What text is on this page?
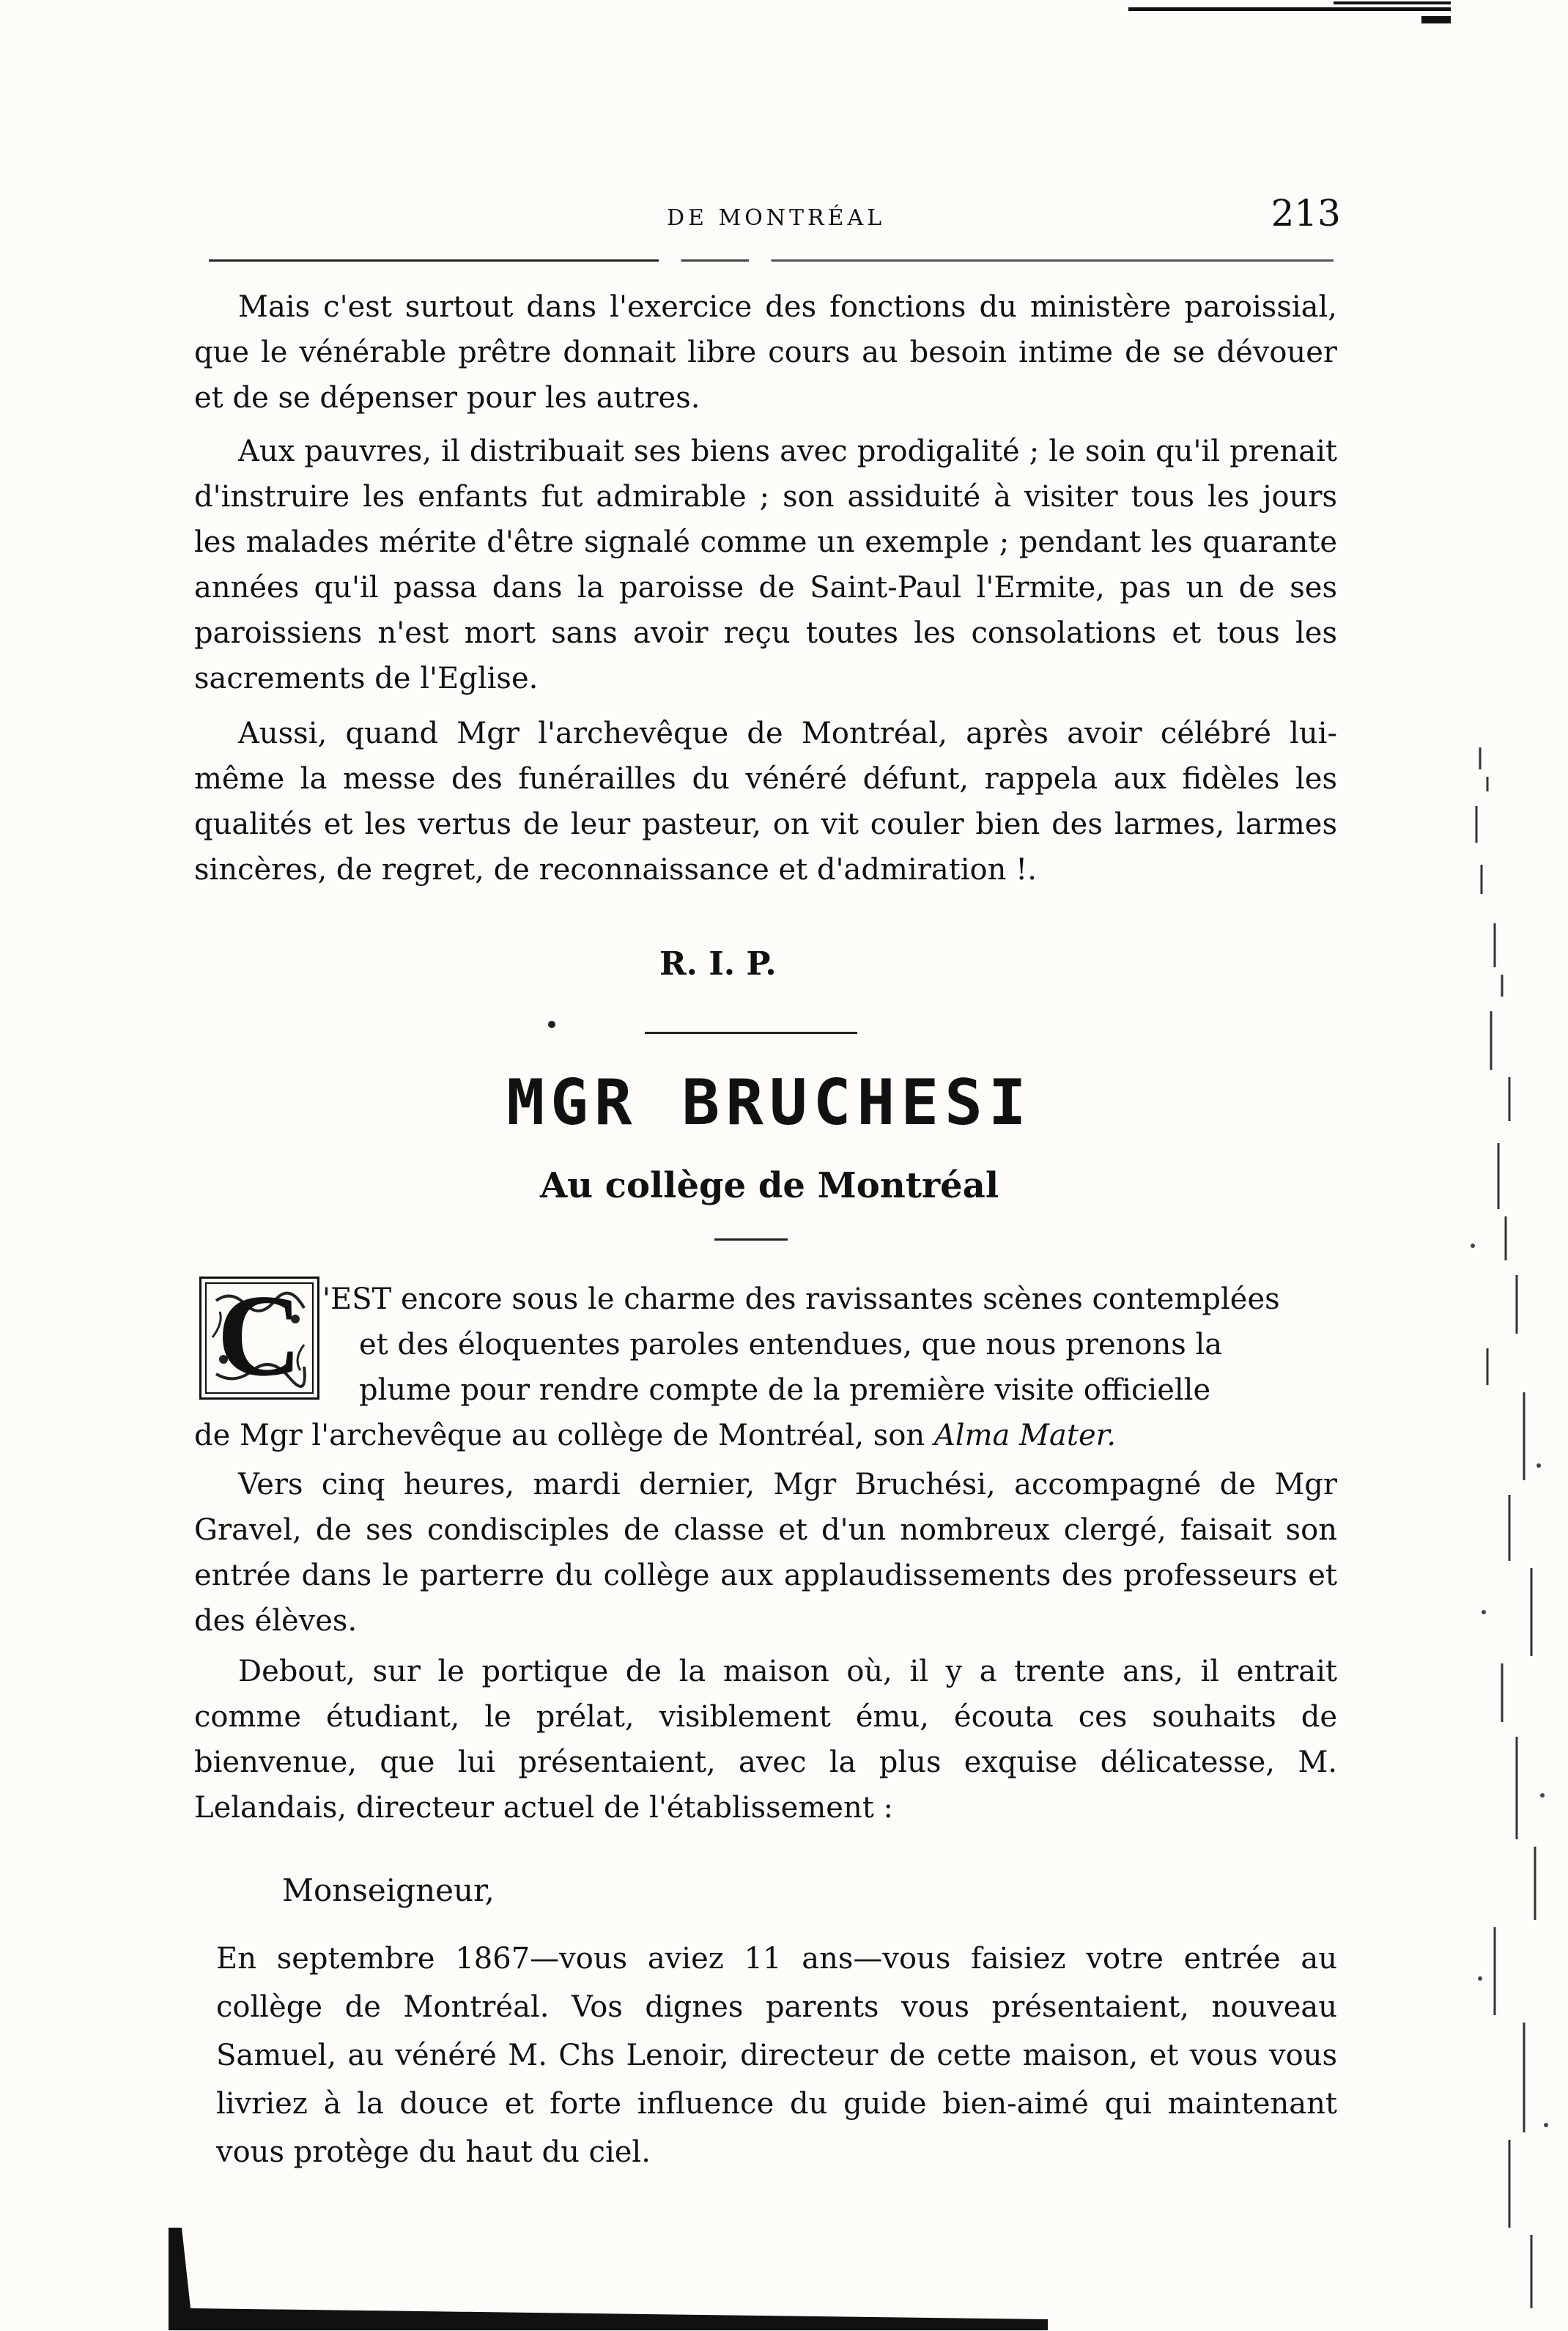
DE MONTRÉAL	213

Mais c'est surtout dans l'exercice des fonctions du ministère paroissial, que le vénérable prêtre donnait libre cours au besoin intime de se dévouer et de se dépenser pour les autres.

Aux pauvres, il distribuait ses biens avec prodigalité ; le soin qu'il prenait d'instruire les enfants fut admirable ; son assiduité à visiter tous les jours les malades mérite d'être signalé comme un exemple ; pendant les quarante années qu'il passa dans la paroisse de Saint-Paul l'Ermite, pas un de ses paroissiens n'est mort sans avoir reçu toutes les consolations et tous les sacrements de l'Eglise.

Aussi, quand Mgr l'archevêque de Montréal, après avoir célébré lui-même la messe des funérailles du vénéré défunt, rappela aux fidèles les qualités et les vertus de leur pasteur, on vit couler bien des larmes, larmes sincères, de regret, de reconnaissance et d'admiration !.

R. I. P.
MGR BRUCHESI
Au collège de Montréal
C 'EST encore sous le charme des ravissantes scènes contemplées

et des éloquentes paroles entendues, que nous prenons la

plume pour rendre compte de la première visite officielle

de Mgr l'archevêque au collège de Montréal, son Alma Mater.

Vers cinq heures, mardi dernier, Mgr Bruchési, accompagné de Mgr Gravel, de ses condisciples de classe et d'un nombreux clergé, faisait son entrée dans le parterre du collège aux applaudissements des professeurs et des élèves.

Debout, sur le portique de la maison où, il y a trente ans, il entrait comme étudiant, le prélat, visiblement ému, écouta ces souhaits de bienvenue, que lui présentaient, avec la plus exquise délicatesse, M. Lelandais, directeur actuel de l'établissement :

Monseigneur,

En septembre 1867—vous aviez 11 ans—vous faisiez votre entrée au collège de Montréal. Vos dignes parents vous présentaient, nouveau Samuel, au vénéré M. Chs Lenoir, directeur de cette maison, et vous vous livriez à la douce et forte influence du guide bien-aimé qui maintenant vous protège du haut du ciel.
